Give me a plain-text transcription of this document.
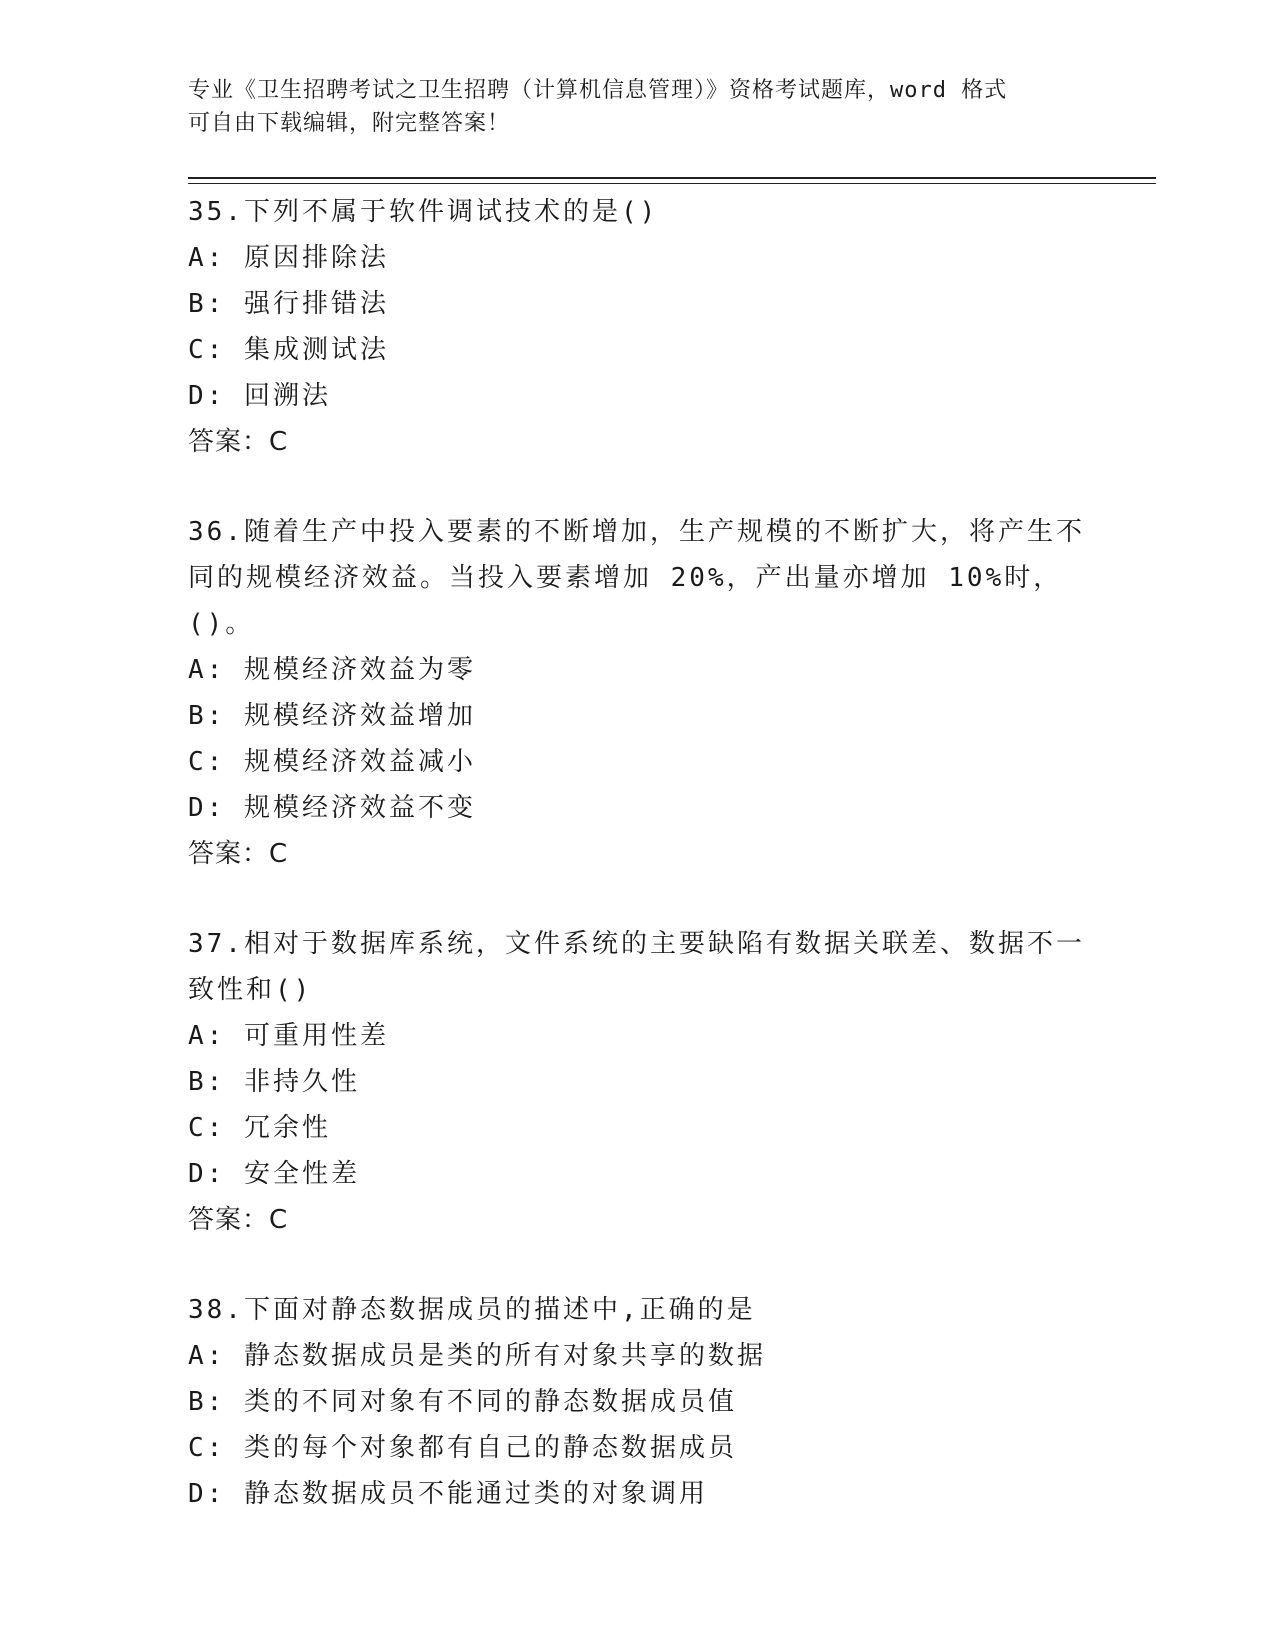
专业《卫生招聘考试之卫生招聘（计算机信息管理）》资格考试题库，word 格式
可自由下载编辑，附完整答案！
35.下列不属于软件调试技术的是()
A: 原因排除法
B: 强行排错法
C: 集成测试法
D: 回溯法
答案：C
36.随着生产中投入要素的不断增加，生产规模的不断扩大，将产生不
同的规模经济效益。当投入要素增加 20%，产出量亦增加 10%时，()。
A: 规模经济效益为零
B: 规模经济效益增加
C: 规模经济效益减小
D: 规模经济效益不变
答案：C
37.相对于数据库系统，文件系统的主要缺陷有数据关联差、数据不一
致性和()
A: 可重用性差
B: 非持久性
C: 冗余性
D: 安全性差
答案：C
38.下面对静态数据成员的描述中,正确的是
A: 静态数据成员是类的所有对象共享的数据
B: 类的不同对象有不同的静态数据成员值
C: 类的每个对象都有自己的静态数据成员
D: 静态数据成员不能通过类的对象调用
